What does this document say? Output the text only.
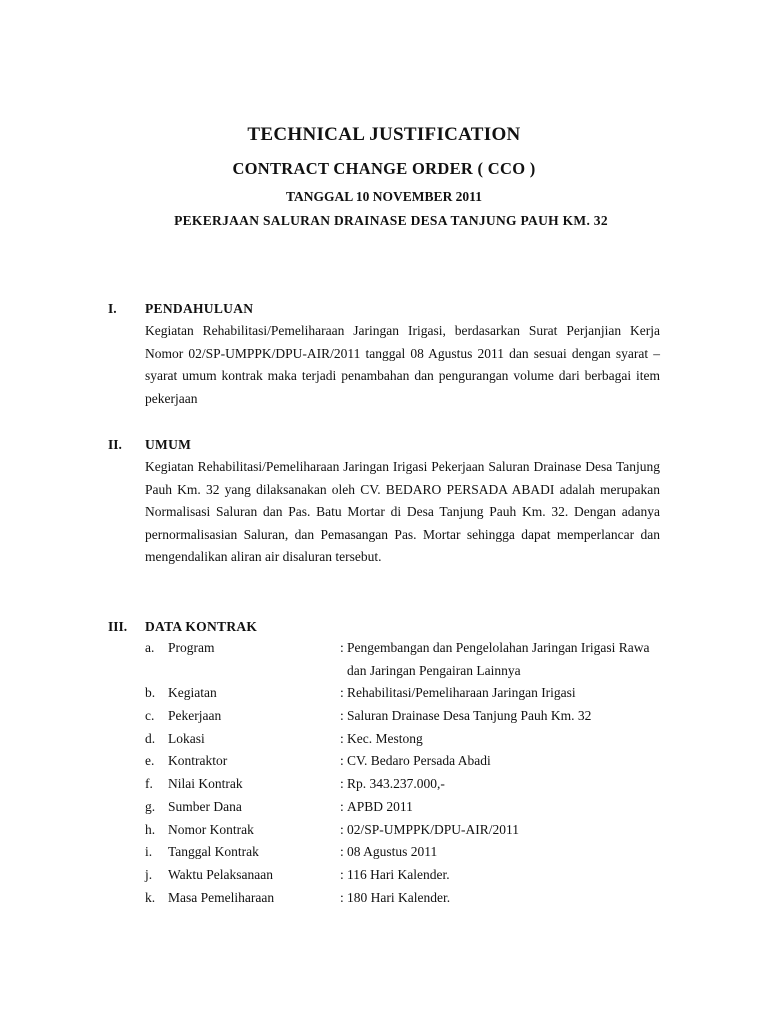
TECHNICAL JUSTIFICATION
CONTRACT CHANGE ORDER ( CCO )
TANGGAL 10 NOVEMBER 2011
PEKERJAAN SALURAN DRAINASE DESA TANJUNG PAUH KM. 32
I. PENDAHULUAN

Kegiatan Rehabilitasi/Pemeliharaan Jaringan Irigasi, berdasarkan Surat Perjanjian Kerja Nomor 02/SP-UMPPK/DPU-AIR/2011 tanggal 08 Agustus 2011 dan sesuai dengan syarat – syarat umum kontrak maka terjadi penambahan dan pengurangan volume dari berbagai item pekerjaan

II. UMUM

Kegiatan Rehabilitasi/Pemeliharaan Jaringan Irigasi Pekerjaan Saluran Drainase Desa Tanjung Pauh Km. 32 yang dilaksanakan oleh CV. BEDARO PERSADA ABADI adalah merupakan Normalisasi Saluran dan Pas. Batu Mortar di Desa Tanjung Pauh Km. 32. Dengan adanya pernormalisasian Saluran, dan Pemasangan Pas. Mortar sehingga dapat memperlancar dan mengendalikan aliran air disaluran tersebut.

III. DATA KONTRAK
a. Program	: Pengembangan dan Pengelolahan Jaringan Irigasi Rawa dan Jaringan Pengairan Lainnya
b. Kegiatan	: Rehabilitasi/Pemeliharaan Jaringan Irigasi
c. Pekerjaan	: Saluran Drainase Desa Tanjung Pauh Km. 32
d. Lokasi	: Kec. Mestong
e. Kontraktor	: CV. Bedaro Persada Abadi
f. Nilai Kontrak	: Rp. 343.237.000,-
g. Sumber Dana	: APBD 2011
h. Nomor Kontrak	: 02/SP-UMPPK/DPU-AIR/2011
i. Tanggal Kontrak	: 08 Agustus 2011
j. Waktu Pelaksanaan	: 116 Hari Kalender.
k. Masa Pemeliharaan	: 180 Hari Kalender.
